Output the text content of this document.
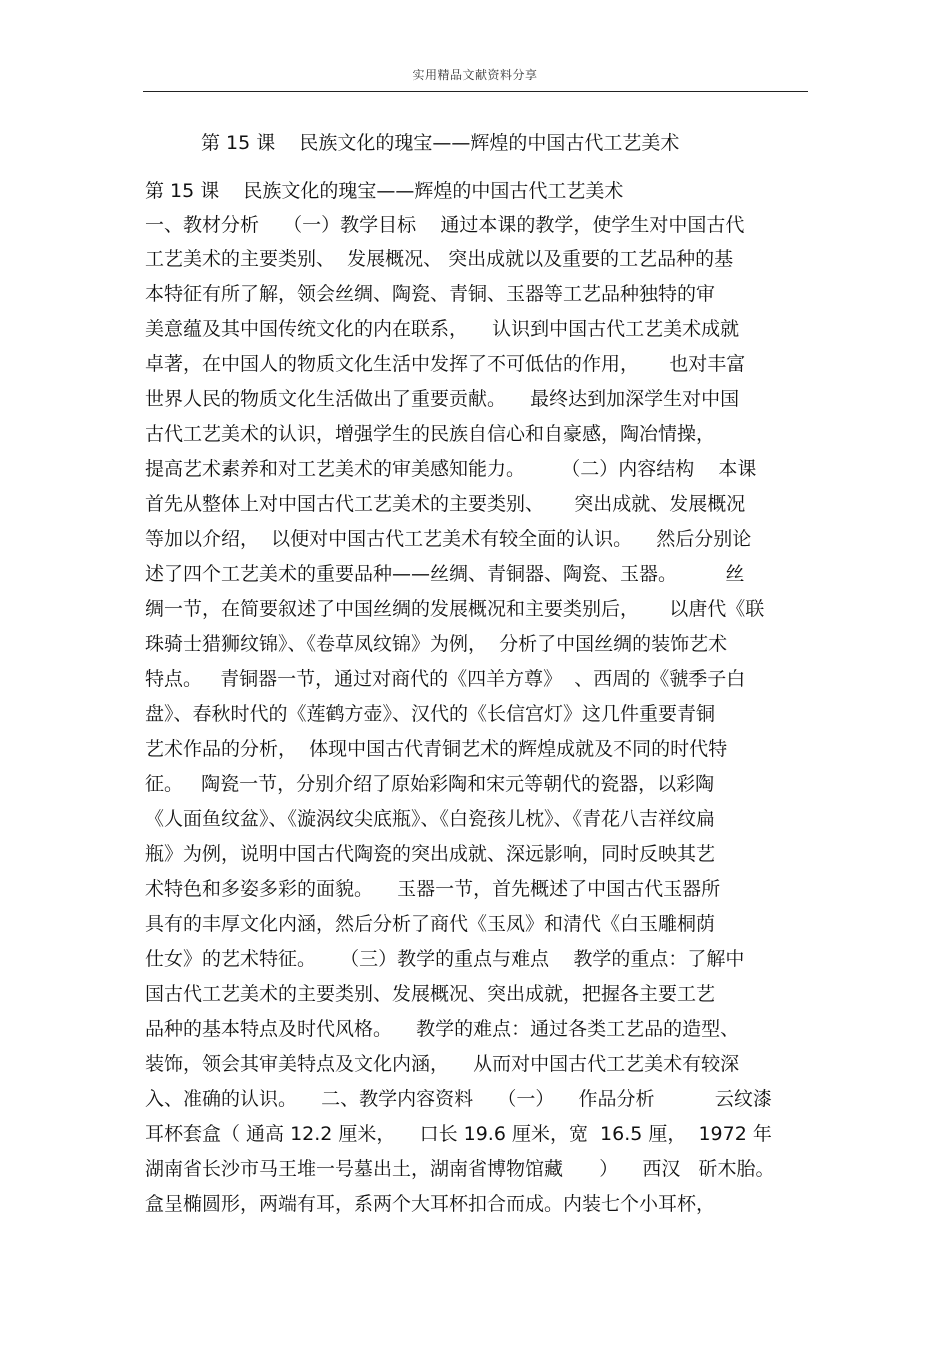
实用精品文献资料分享
第 15 课    民族文化的瑰宝——辉煌的中国古代工艺美术
第 15 课    民族文化的瑰宝——辉煌的中国古代工艺美术
一、教材分析    （一）教学目标    通过本课的教学，使学生对中国古代
工艺美术的主要类别、  发展概况、 突出成就以及重要的工艺品种的基
本特征有所了解，领会丝绸、陶瓷、青铜、玉器等工艺品种独特的审
美意蕴及其中国传统文化的内在联系，    认识到中国古代工艺美术成就
卓著，在中国人的物质文化生活中发挥了不可低估的作用，     也对丰富
世界人民的物质文化生活做出了重要贡献。    最终达到加深学生对中国
古代工艺美术的认识，增强学生的民族自信心和自豪感，陶冶情操，
提高艺术素养和对工艺美术的审美感知能力。      （二）内容结构    本课
首先从整体上对中国古代工艺美术的主要类别、     突出成就、发展概况
等加以介绍，  以便对中国古代工艺美术有较全面的认识。    然后分别论
述了四个工艺美术的重要品种——丝绸、青铜器、陶瓷、玉器。        丝
绸一节，在简要叙述了中国丝绸的发展概况和主要类别后，     以唐代《联
珠骑士猎狮纹锦》、《卷草凤纹锦》为例，  分析了中国丝绸的装饰艺术
特点。   青铜器一节，通过对商代的《四羊方尊》  、西周的《虢季子白
盘》、春秋时代的《莲鹤方壶》、汉代的《长信宫灯》这几件重要青铜
艺术作品的分析，  体现中国古代青铜艺术的辉煌成就及不同的时代特
征。   陶瓷一节，分别介绍了原始彩陶和宋元等朝代的瓷器，以彩陶
《人面鱼纹盆》、《漩涡纹尖底瓶》、《白瓷孩儿枕》、《青花八吉祥纹扁
瓶》为例，说明中国古代陶瓷的突出成就、深远影响，同时反映其艺
术特色和多姿多彩的面貌。    玉器一节，首先概述了中国古代玉器所
具有的丰厚文化内涵，然后分析了商代《玉凤》和清代《白玉雕桐荫
仕女》的艺术特征。    （三）教学的重点与难点    教学的重点：了解中
国古代工艺美术的主要类别、发展概况、突出成就，把握各主要工艺
品种的基本特点及时代风格。    教学的难点：通过各类工艺品的造型、
装饰，领会其审美特点及文化内涵，    从而对中国古代工艺美术有较深
入、准确的认识。    二、教学内容资料    （一）    作品分析          云纹漆
耳杯套盒（ 通高 12.2 厘米，    口长 19.6 厘米，宽  16.5 厘，  1972 年
湖南省长沙市马王堆一号墓出土，湖南省博物馆藏      ）    西汉   斫木胎。
盒呈椭圆形，两端有耳，系两个大耳杯扣合而成。内装七个小耳杯，
